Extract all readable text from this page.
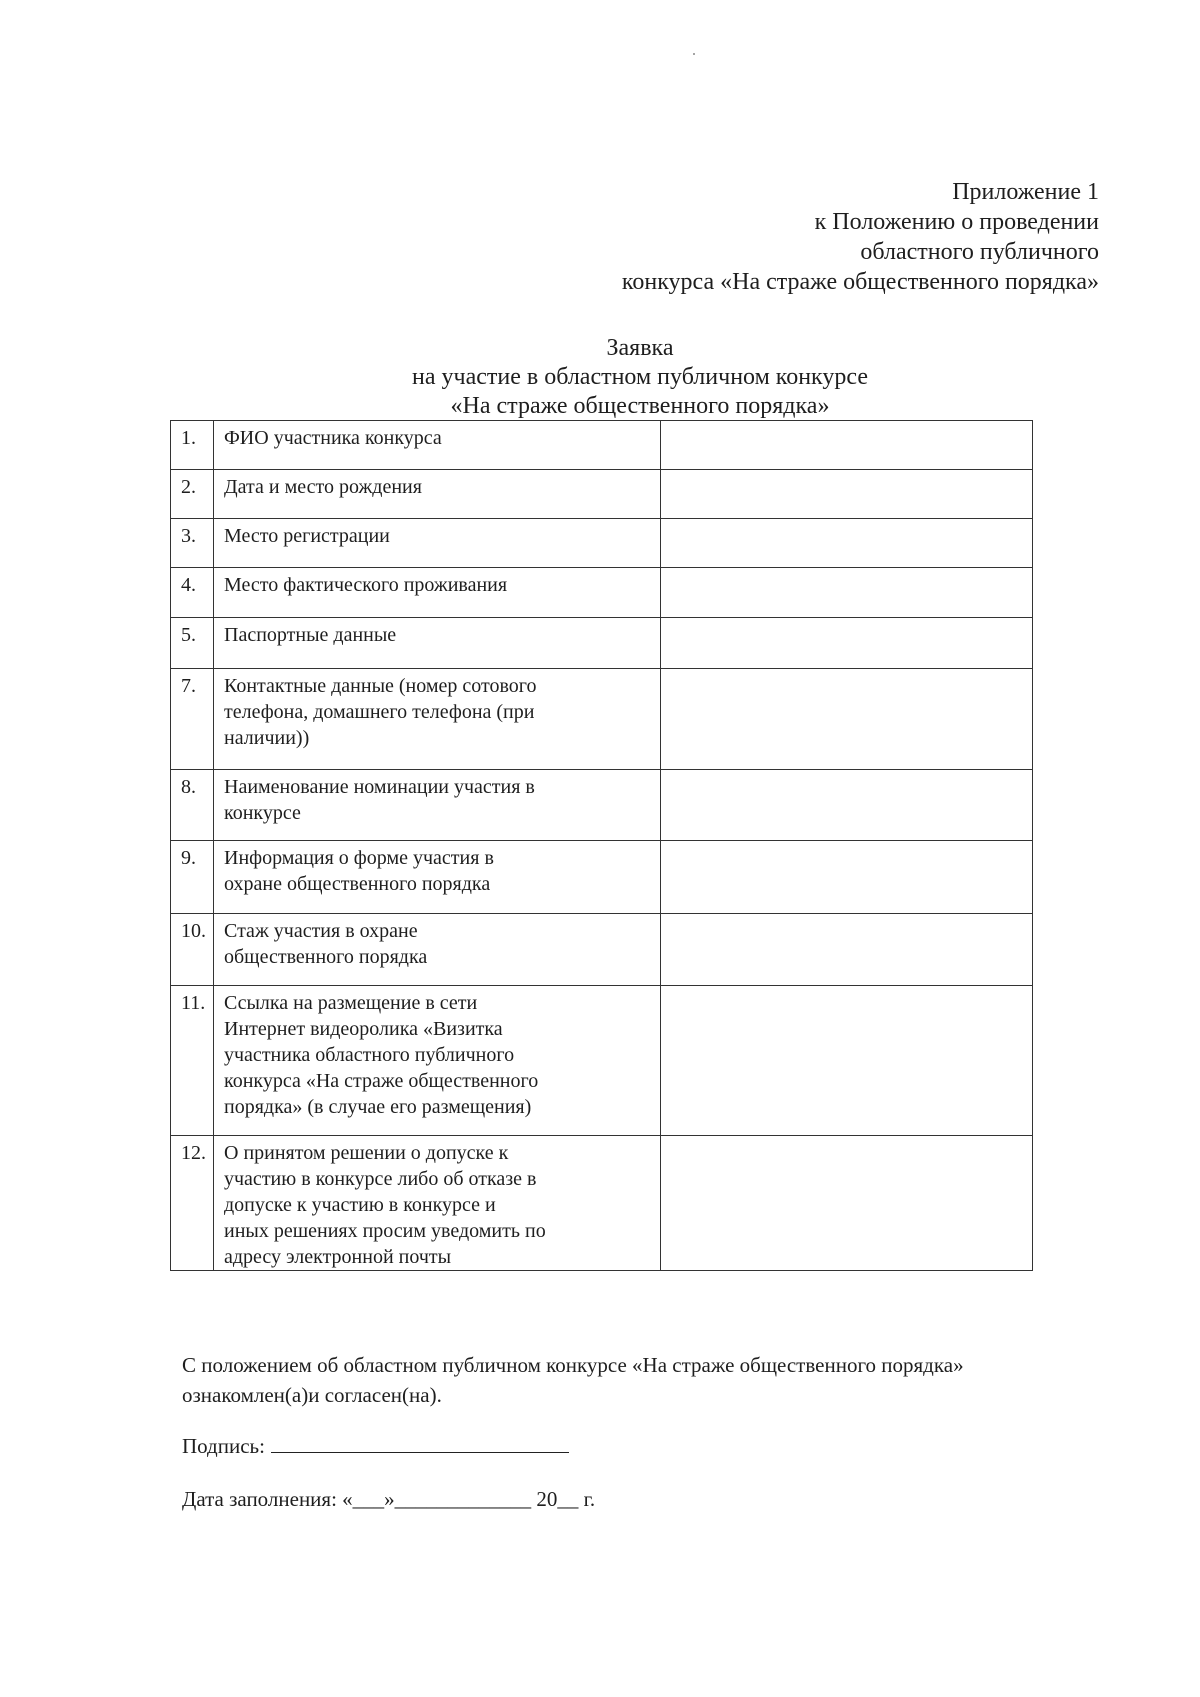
Приложение 1
к Положению о проведении
областного публичного
конкурса «На страже общественного порядка»
Заявка
на участие в областном публичном конкурсе
«На страже общественного порядка»
1.	ФИО участника конкурса	

2.	Дата и место рождения	

3.	Место регистрации	

4.	Место фактического проживания	

5.	Паспортные данные	

7.	Контактные данные (номер сотового
телефона, домашнего телефона (при
наличии))	

8.	Наименование номинации участия в
конкурсе	

9.	Информация о форме участия в
охране общественного порядка	

10.	Стаж участия в охране
общественного порядка	

11.	Ссылка на размещение в сети
Интернет видеоролика «Визитка
участника областного публичного
конкурса «На страже общественного
порядка» (в случае его размещения)	

12.	О принятом решении о допуске к
участию в конкурсе либо об отказе в
допуске к участию в конкурсе и
иных решениях просим уведомить по
адресу электронной почты	

С положением об областном публичном конкурсе «На страже общественного порядка»
ознакомлен(а)и согласен(на).
Подпись:
Дата заполнения: «___»_____________ 20__ г.
